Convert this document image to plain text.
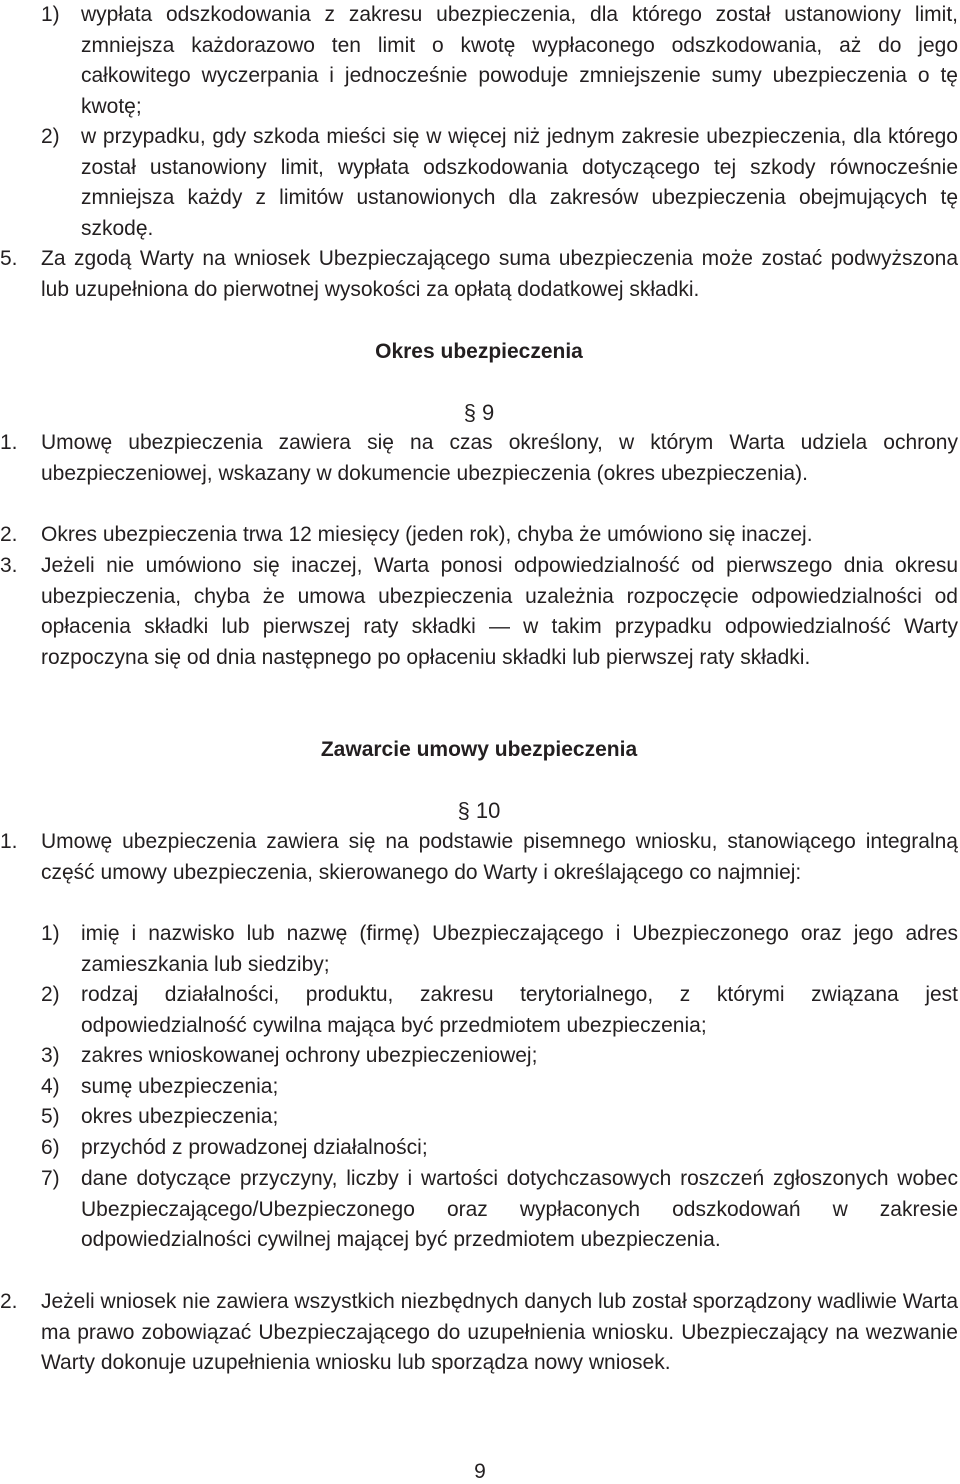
1) wypłata odszkodowania z zakresu ubezpieczenia, dla którego został ustanowiony limit, zmniejsza każdorazowo ten limit o kwotę wypłaconego odszkodowania, aż do jego całkowitego wyczerpania i jednocześnie powoduje zmniejszenie sumy ubezpieczenia o tę kwotę;
2) w przypadku, gdy szkoda mieści się w więcej niż jednym zakresie ubezpieczenia, dla którego został ustanowiony limit, wypłata odszkodowania dotyczącego tej szkody równocześnie zmniejsza każdy z limitów ustanowionych dla zakresów ubezpieczenia obejmujących tę szkodę.
5. Za zgodą Warty na wniosek Ubezpieczającego suma ubezpieczenia może zostać podwyższona lub uzupełniona do pierwotnej wysokości za opłatą dodatkowej składki.
Okres ubezpieczenia
§ 9
1. Umowę ubezpieczenia zawiera się na czas określony, w którym Warta udziela ochrony ubezpieczeniowej, wskazany w dokumencie ubezpieczenia (okres ubezpieczenia).
2. Okres ubezpieczenia trwa 12 miesięcy (jeden rok), chyba że umówiono się inaczej.
3. Jeżeli nie umówiono się inaczej, Warta ponosi odpowiedzialność od pierwszego dnia okresu ubezpieczenia, chyba że umowa ubezpieczenia uzależnia rozpoczęcie odpowiedzialności od opłacenia składki lub pierwszej raty składki — w takim przypadku odpowiedzialność Warty rozpoczyna się od dnia następnego po opłaceniu składki lub pierwszej raty składki.
Zawarcie umowy ubezpieczenia
§ 10
1. Umowę ubezpieczenia zawiera się na podstawie pisemnego wniosku, stanowiącego integralną część umowy ubezpieczenia, skierowanego do Warty i określającego co najmniej:
1) imię i nazwisko lub nazwę (firmę) Ubezpieczającego i Ubezpieczonego oraz jego adres zamieszkania lub siedziby;
2) rodzaj działalności, produktu, zakresu terytorialnego, z którymi związana jest odpowiedzialność cywilna mająca być przedmiotem ubezpieczenia;
3) zakres wnioskowanej ochrony ubezpieczeniowej;
4) sumę ubezpieczenia;
5) okres ubezpieczenia;
6) przychód z prowadzonej działalności;
7) dane dotyczące przyczyny, liczby i wartości dotychczasowych roszczeń zgłoszonych wobec Ubezpieczającego/Ubezpieczonego oraz wypłaconych odszkodowań w zakresie odpowiedzialności cywilnej mającej być przedmiotem ubezpieczenia.
2. Jeżeli wniosek nie zawiera wszystkich niezbędnych danych lub został sporządzony wadliwie Warta ma prawo zobowiązać Ubezpieczającego do uzupełnienia wniosku. Ubezpieczający na wezwanie Warty dokonuje uzupełnienia wniosku lub sporządza nowy wniosek.
9
